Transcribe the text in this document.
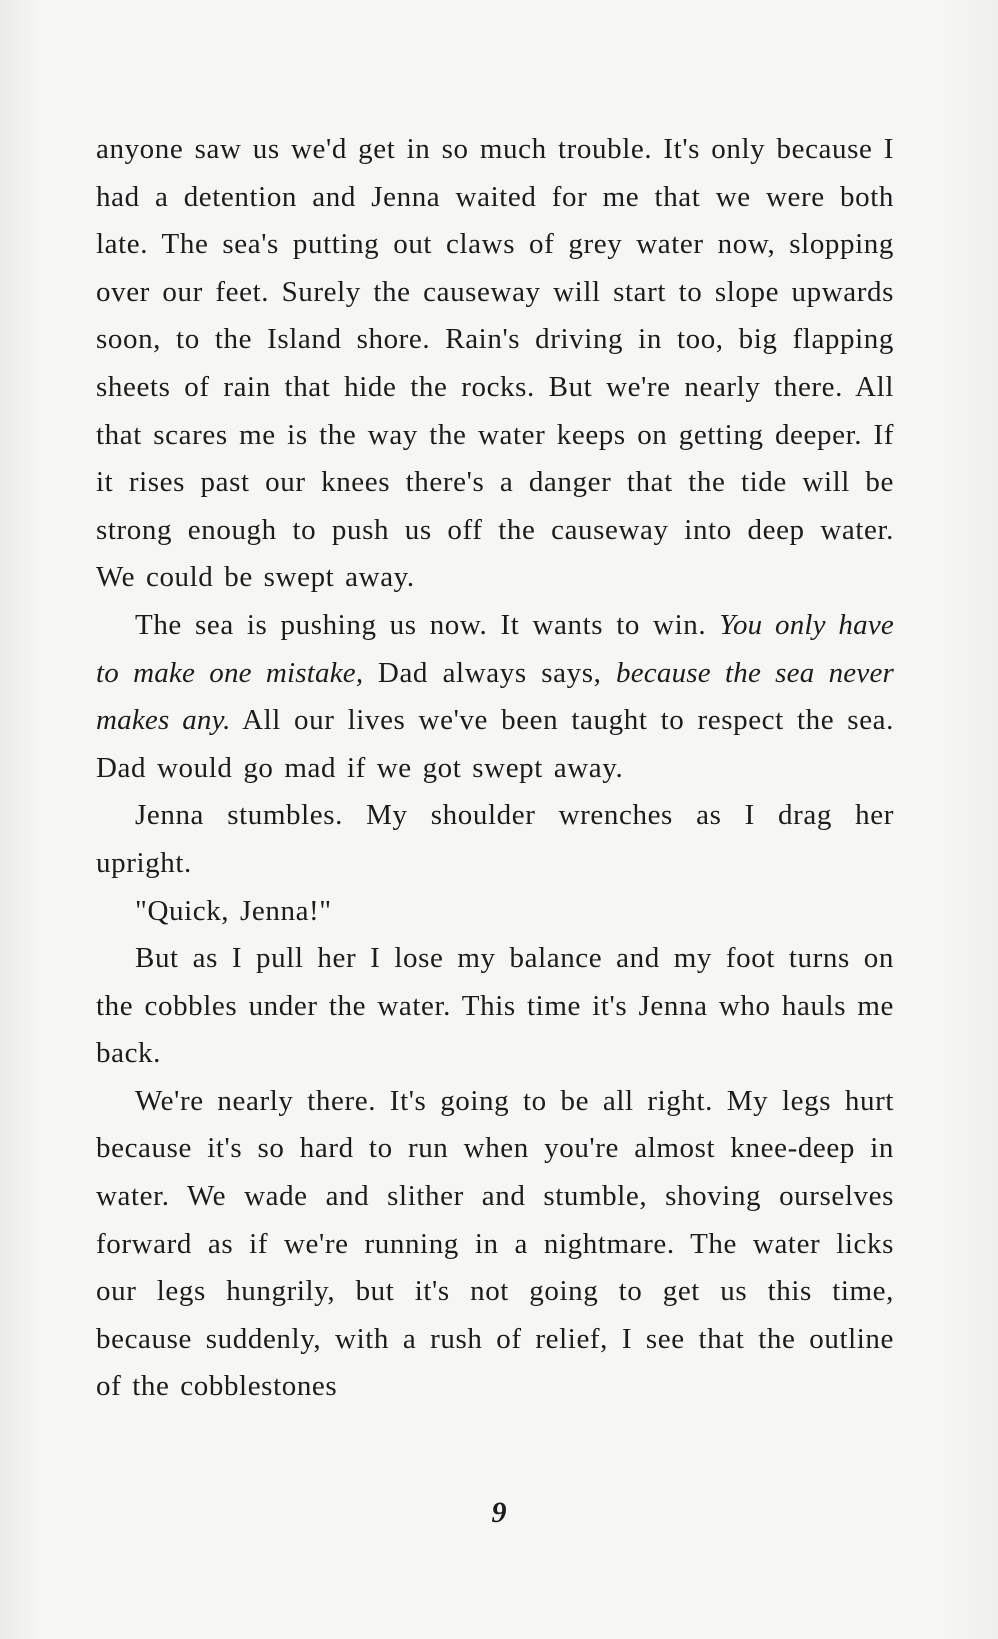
anyone saw us we'd get in so much trouble. It's only because I had a detention and Jenna waited for me that we were both late. The sea's putting out claws of grey water now, slopping over our feet. Surely the causeway will start to slope upwards soon, to the Island shore. Rain's driving in too, big flapping sheets of rain that hide the rocks. But we're nearly there. All that scares me is the way the water keeps on getting deeper. If it rises past our knees there's a danger that the tide will be strong enough to push us off the causeway into deep water. We could be swept away.

The sea is pushing us now. It wants to win. You only have to make one mistake, Dad always says, because the sea never makes any. All our lives we've been taught to respect the sea. Dad would go mad if we got swept away.

Jenna stumbles. My shoulder wrenches as I drag her upright.

"Quick, Jenna!"

But as I pull her I lose my balance and my foot turns on the cobbles under the water. This time it's Jenna who hauls me back.

We're nearly there. It's going to be all right. My legs hurt because it's so hard to run when you're almost knee-deep in water. We wade and slither and stumble, shoving ourselves forward as if we're running in a nightmare. The water licks our legs hungrily, but it's not going to get us this time, because suddenly, with a rush of relief, I see that the outline of the cobblestones

9
